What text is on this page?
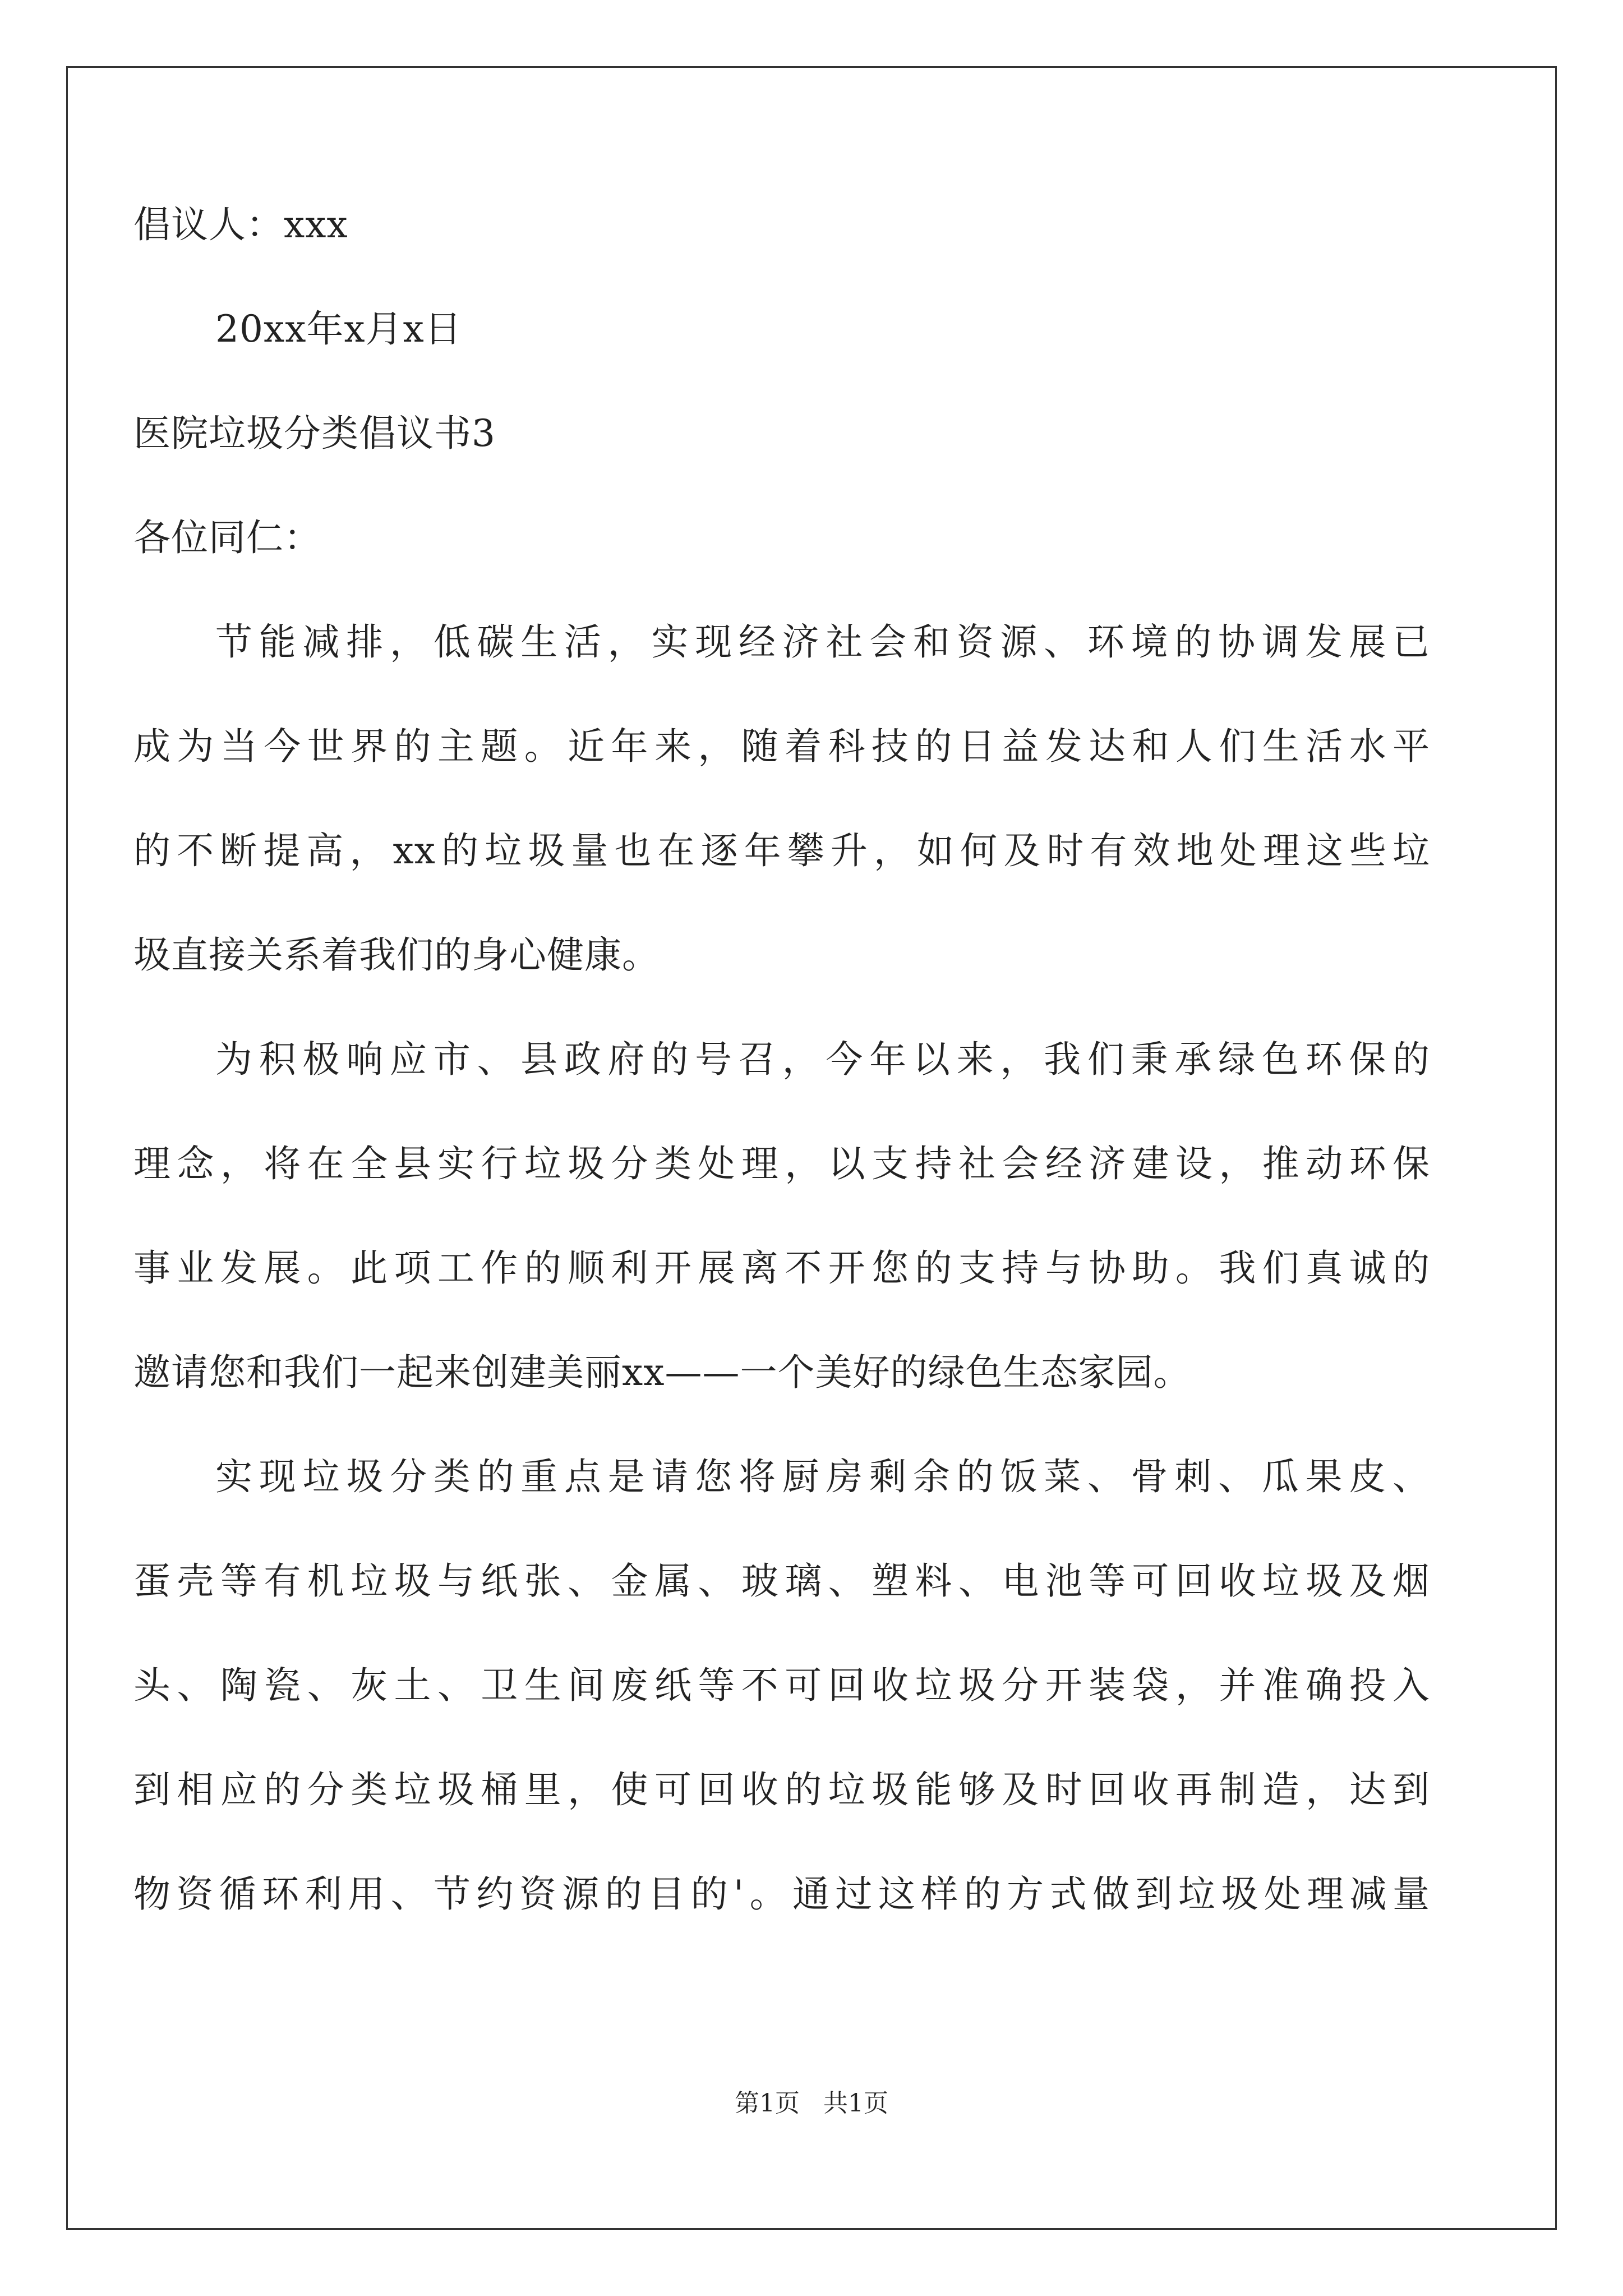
倡议人：xxx
20xx年x月x日
医院垃圾分类倡议书3
各位同仁：
节能减排，低碳生活，实现经济社会和资源、环境的协调发展已
成为当今世界的主题。近年来，随着科技的日益发达和人们生活水平
的不断提高，xx的垃圾量也在逐年攀升，如何及时有效地处理这些垃
圾直接关系着我们的身心健康。
为积极响应市、县政府的号召，今年以来，我们秉承绿色环保的
理念，将在全县实行垃圾分类处理，以支持社会经济建设，推动环保
事业发展。此项工作的顺利开展离不开您的支持与协助。我们真诚的
邀请您和我们一起来创建美丽xx——一个美好的绿色生态家园。
实现垃圾分类的重点是请您将厨房剩余的饭菜、骨刺、瓜果皮、
蛋壳等有机垃圾与纸张、金属、玻璃、塑料、电池等可回收垃圾及烟
头、陶瓷、灰土、卫生间废纸等不可回收垃圾分开装袋，并准确投入
到相应的分类垃圾桶里，使可回收的垃圾能够及时回收再制造，达到
物资循环利用、节约资源的目的'。通过这样的方式做到垃圾处理减量
第1页   共1页
